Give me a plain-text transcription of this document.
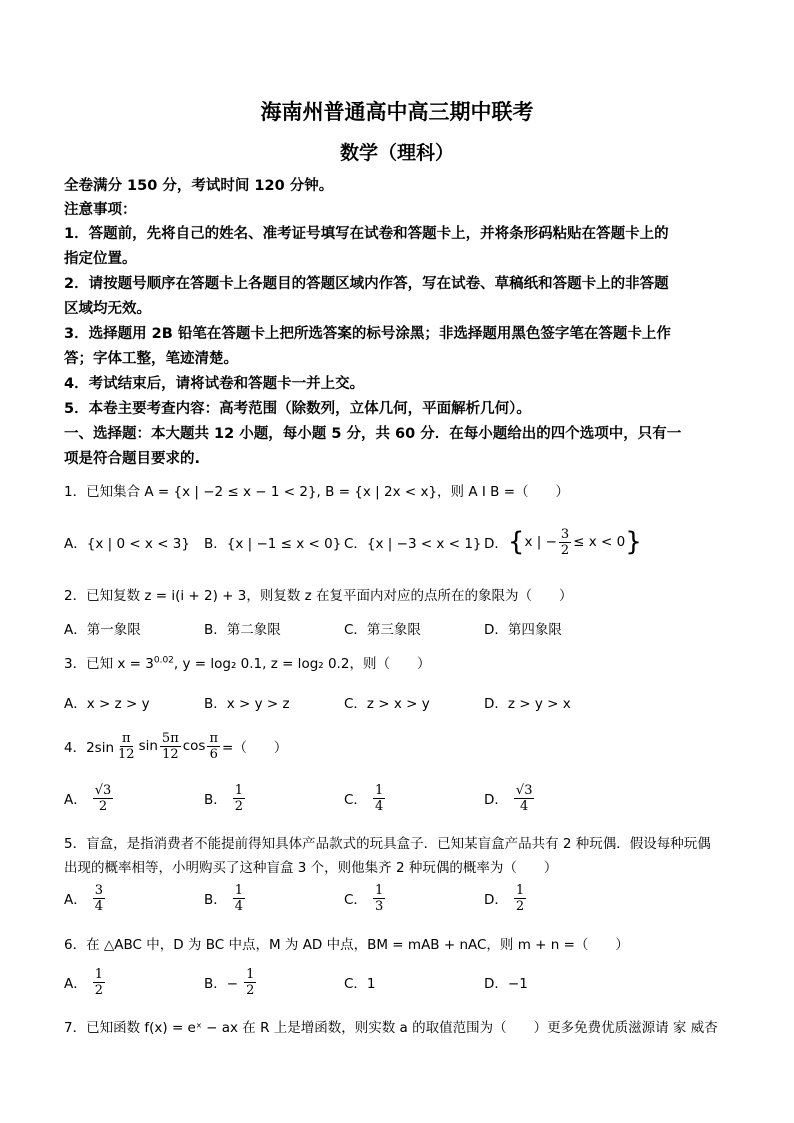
海南州普通高中高三期中联考
数学（理科）
全卷满分 150 分，考试时间 120 分钟。
注意事项：
1．答题前，先将自己的姓名、准考证号填写在试卷和答题卡上，并将条形码粘贴在答题卡上的
指定位置。
2．请按题号顺序在答题卡上各题目的答题区域内作答，写在试卷、草稿纸和答题卡上的非答题
区域均无效。
3．选择题用 2B 铅笔在答题卡上把所选答案的标号涂黑；非选择题用黑色签字笔在答题卡上作
答；字体工整，笔迹清楚。
4．考试结束后，请将试卷和答题卡一并上交。
5．本卷主要考查内容：高考范围（除数列，立体几何，平面解析几何）。
一、选择题：本大题共 12 小题，每小题 5 分，共 60 分．在每小题给出的四个选项中，只有一
项是符合题目要求的.
1．已知集合 A = {x | −2 ≤ x − 1 < 2}, B = {x | 2x < x}，则 A I B =（　　）
A．{x | 0 < x < 3} B．{x | −1 ≤ x < 0} C．{x | −3 < x < 1} D． { x | − $\frac{3}{2} \le x < 0$ }
2．已知复数 z = i(i + 2) + 3，则复数 z 在复平面内对应的点所在的象限为（　　）
A．第一象限	B．第二象限	C．第三象限	D．第四象限
3．已知 $x = 3^{0.02}$, y = log₂ 0.1, z = log₂ 0.2，则（　　）
A．x > z > y	B．x > y > z	C．z > x > y	D．z > y > x
4．$2\sin \frac{\pi}{12}$ $\sin \frac{5\pi}{12}$ $\cos \frac{\pi}{6}$ =（　　）
A． $\frac{√3}{2}$	B． $\frac{1}{2}$	C． $\frac{1}{4}$	D． $\frac{√3}{4}$
5．盲盒，是指消费者不能提前得知具体产品款式的玩具盒子．已知某盲盒产品共有 2 种玩偶．假设每种玩偶
出现的概率相等，小明购买了这种盲盒 3 个，则他集齐 2 种玩偶的概率为（　　）
A． $\frac{3}{4}$	B． $\frac{1}{4}$	C． $\frac{1}{3}$	D． $\frac{1}{2}$
6．在 △ABC 中，D 为 BC 中点，M 为 AD 中点，BM = mAB + nAC，则 m + n =（　　）
A． $\frac{1}{2}$	B．− $\frac{1}{2}$	C．1	D．−1
7．已知函数 f(x) = eˣ − ax 在 R 上是增函数，则实数 a 的取值范围为（　　）更多免费优质滋源请 家 威杏
